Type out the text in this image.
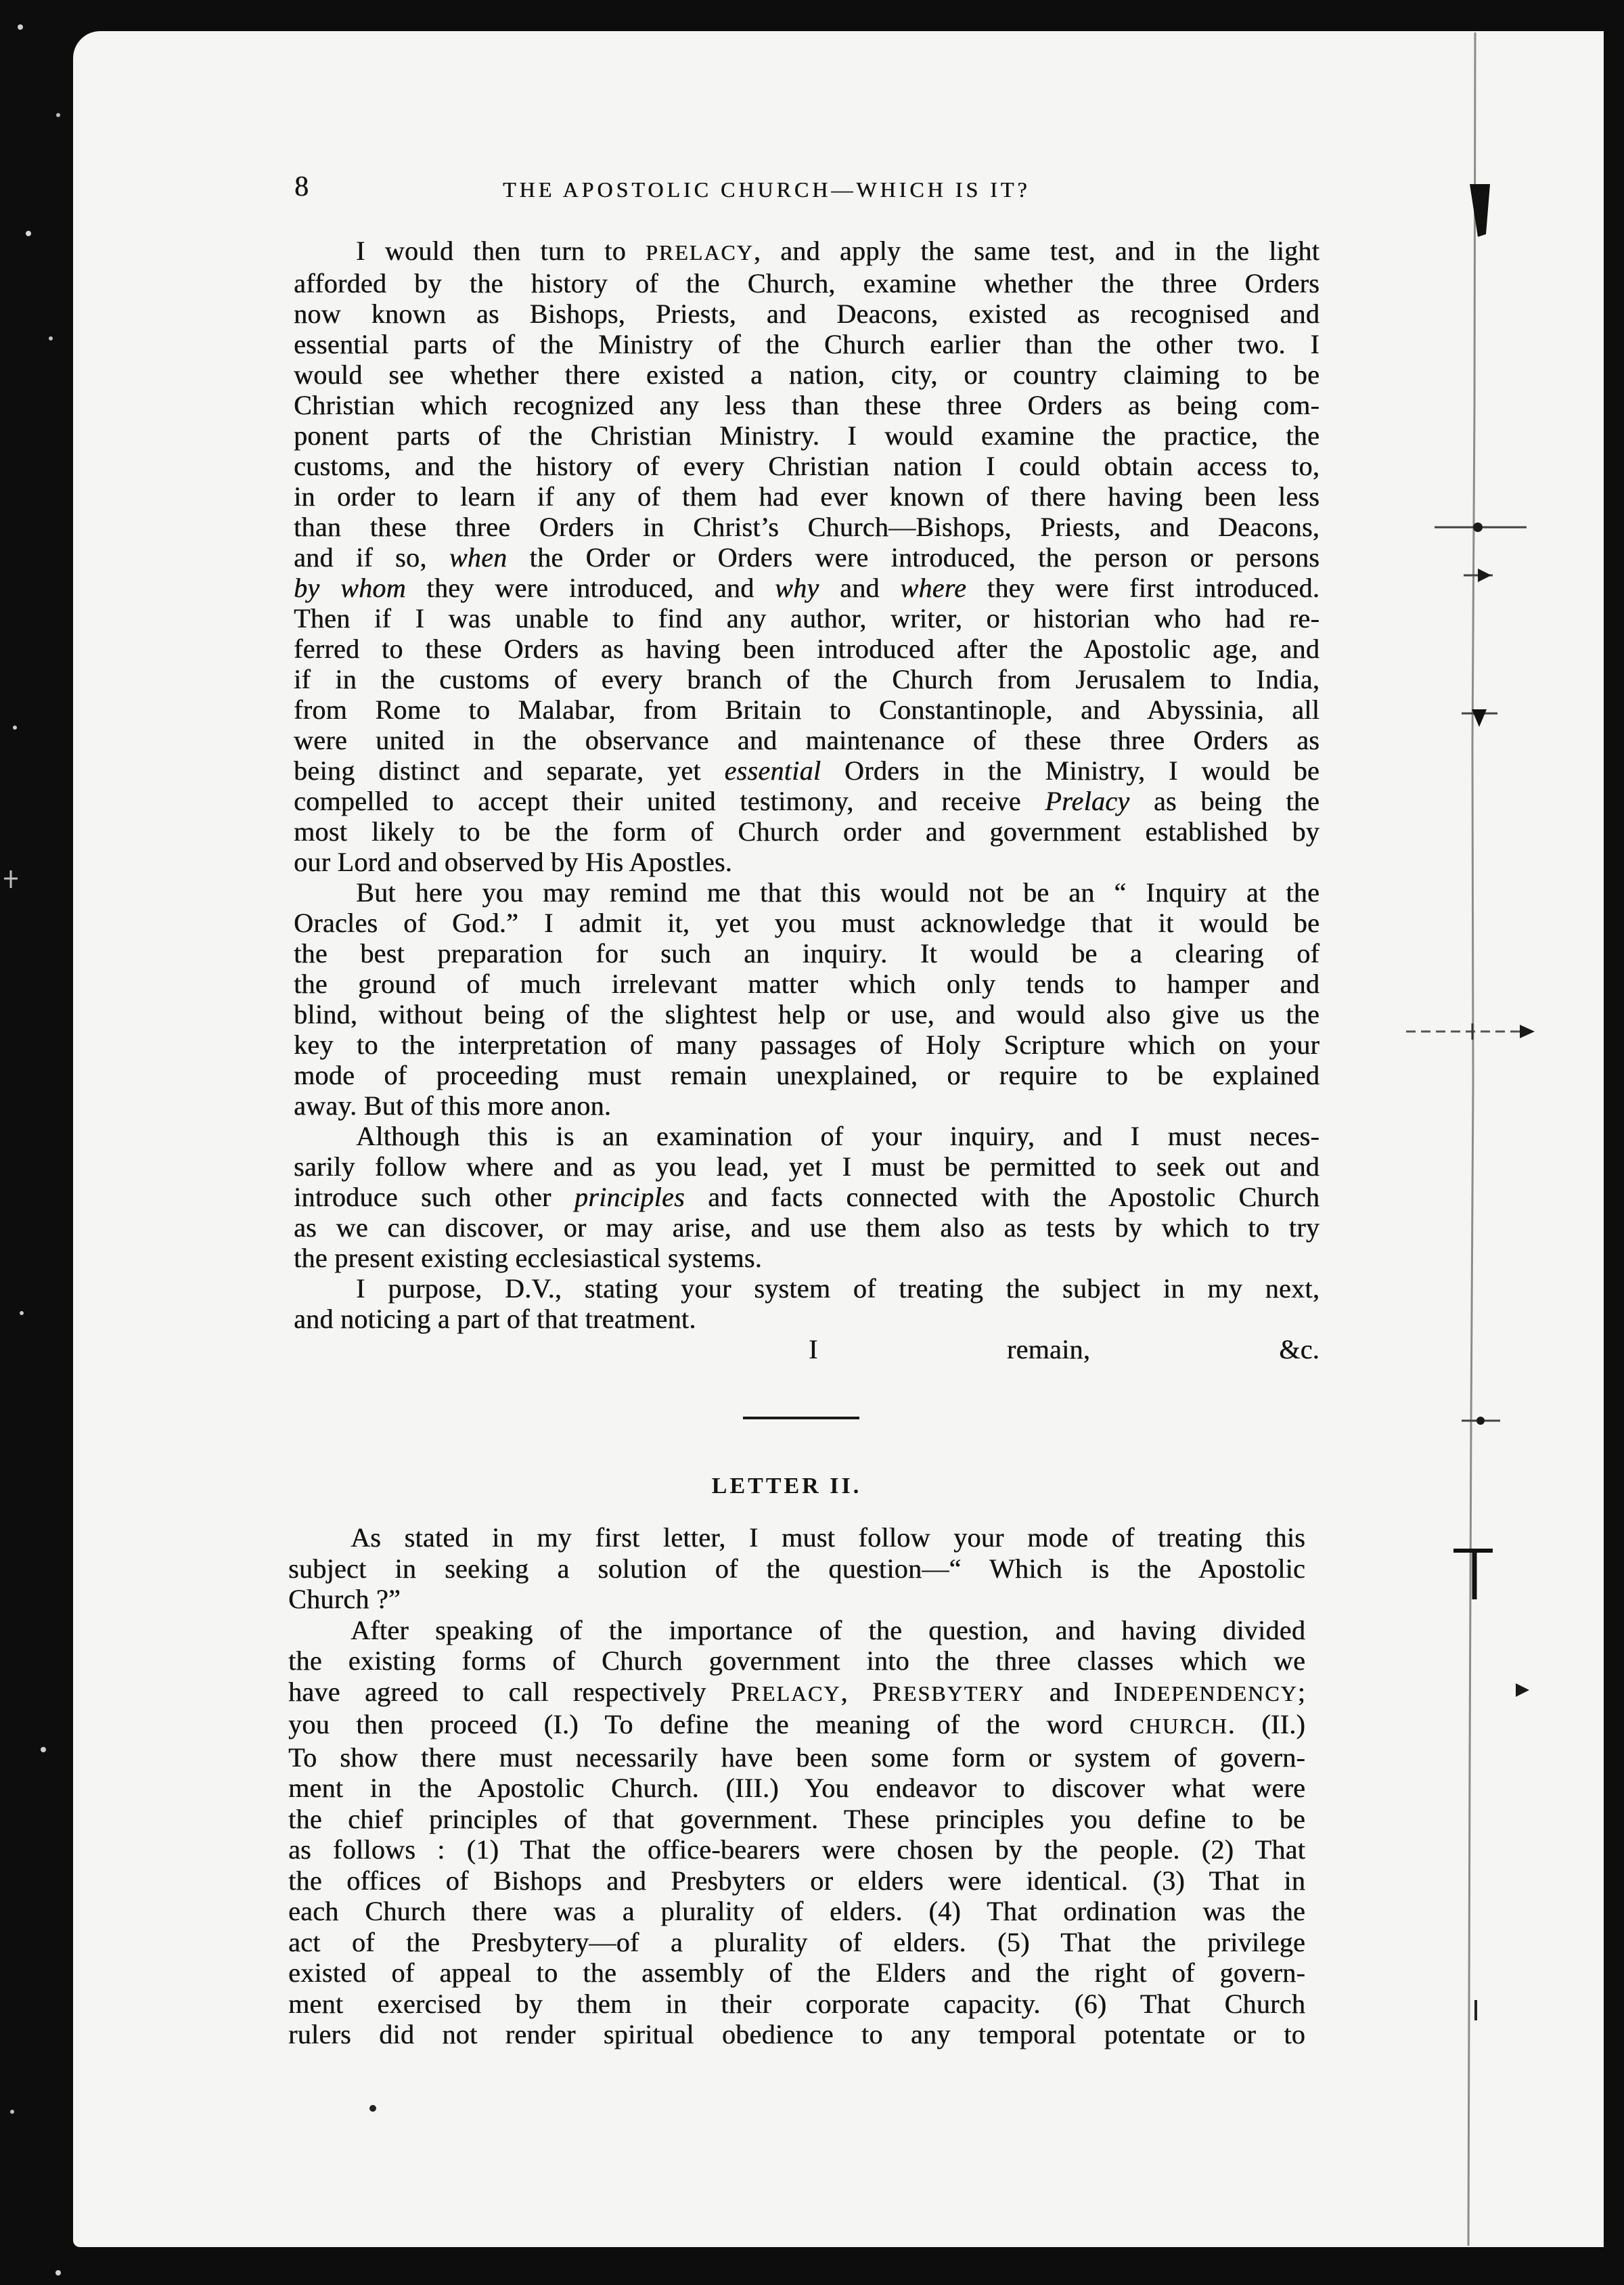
8	THE APOSTOLIC CHURCH—WHICH IS IT?
I would then turn to PRELACY, and apply the same test, and in the light
afforded by the history of the Church, examine whether the three Orders
now known as Bishops, Priests, and Deacons, existed as recognised and
essential parts of the Ministry of the Church earlier than the other two. I
would see whether there existed a nation, city, or country claiming to be
Christian which recognized any less than these three Orders as being com-
ponent parts of the Christian Ministry. I would examine the practice, the
customs, and the history of every Christian nation I could obtain access to,
in order to learn if any of them had ever known of there having been less
than these three Orders in Christ’s Church—Bishops, Priests, and Deacons,
and if so, when the Order or Orders were introduced, the person or persons
by whom they were introduced, and why and where they were first introduced.
Then if I was unable to find any author, writer, or historian who had re-
ferred to these Orders as having been introduced after the Apostolic age, and
if in the customs of every branch of the Church from Jerusalem to India,
from Rome to Malabar, from Britain to Constantinople, and Abyssinia, all
were united in the observance and maintenance of these three Orders as
being distinct and separate, yet essential Orders in the Ministry, I would be
compelled to accept their united testimony, and receive Prelacy as being the
most likely to be the form of Church order and government established by
our Lord and observed by His Apostles.
But here you may remind me that this would not be an “ Inquiry at the
Oracles of God.” I admit it, yet you must acknowledge that it would be
the best preparation for such an inquiry. It would be a clearing of
the ground of much irrelevant matter which only tends to hamper and
blind, without being of the slightest help or use, and would also give us the
key to the interpretation of many passages of Holy Scripture which on your
mode of proceeding must remain unexplained, or require to be explained
away. But of this more anon.
Although this is an examination of your inquiry, and I must neces-
sarily follow where and as you lead, yet I must be permitted to seek out and
introduce such other principles and facts connected with the Apostolic Church
as we can discover, or may arise, and use them also as tests by which to try
the present existing ecclesiastical systems.
I purpose, D.V., stating your system of treating the subject in my next,
and noticing a part of that treatment.
I remain, &c.
LETTER II.
As stated in my first letter, I must follow your mode of treating this
subject in seeking a solution of the question—“ Which is the Apostolic
Church ?”
After speaking of the importance of the question, and having divided
the existing forms of Church government into the three classes which we
have agreed to call respectively PRELACY, PRESBYTERY and INDEPENDENCY;
you then proceed (I.) To define the meaning of the word CHURCH. (II.)
To show there must necessarily have been some form or system of govern-
ment in the Apostolic Church. (III.) You endeavor to discover what were
the chief principles of that government. These principles you define to be
as follows : (1) That the office-bearers were chosen by the people. (2) That
the offices of Bishops and Presbyters or elders were identical. (3) That in
each Church there was a plurality of elders. (4) That ordination was the
act of the Presbytery—of a plurality of elders. (5) That the privilege
existed of appeal to the assembly of the Elders and the right of govern-
ment exercised by them in their corporate capacity. (6) That Church
rulers did not render spiritual obedience to any temporal potentate or to
